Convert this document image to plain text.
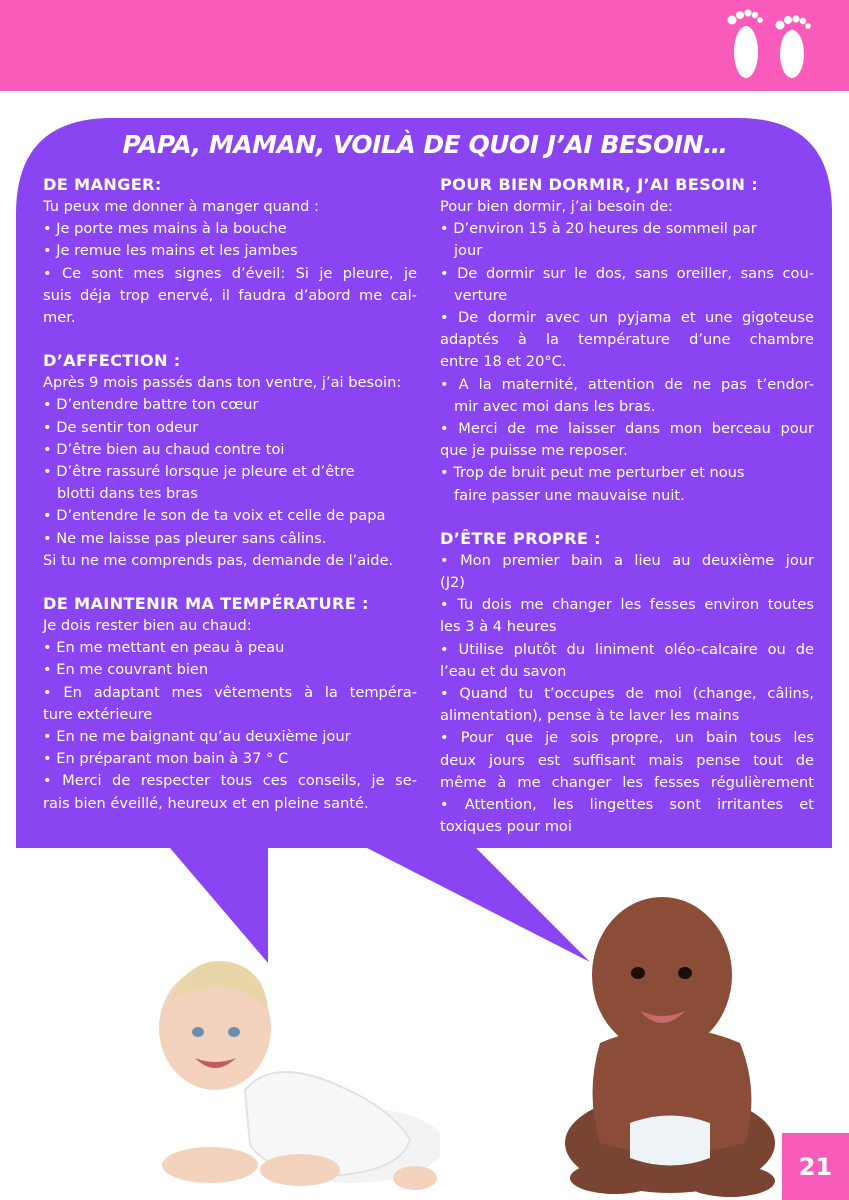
PAPA, MAMAN, VOILÀ DE QUOI J’AI BESOIN…
DE MANGER:
Tu peux me donner à manger quand :
• Je porte mes mains à la bouche
• Je remue les mains et les jambes
• Ce sont mes signes d’éveil: Si je pleure, je
suis déja trop enervé, il faudra d’abord me cal-
mer.
D’AFFECTION :
Après 9 mois passés dans ton ventre, j’ai besoin:
• D’entendre battre ton cœur
• De sentir ton odeur
• D’être bien au chaud contre toi
• D’être rassuré lorsque je pleure et d’être
blotti dans tes bras
• D’entendre le son de ta voix et celle de papa
• Ne me laisse pas pleurer sans câlins.
Si tu ne me comprends pas, demande de l’aide.
DE MAINTENIR MA TEMPÉRATURE :
Je dois rester bien au chaud:
• En me mettant en peau à peau
• En me couvrant bien
• En adaptant mes vêtements à la tempéra-
ture extérieure
• En ne me baignant qu’au deuxième jour
• En préparant mon bain à 37 ° C
• Merci de respecter tous ces conseils, je se-
rais bien éveillé, heureux et en pleine santé.
POUR BIEN DORMIR, J’AI BESOIN :
Pour bien dormir, j’ai besoin de:
• D’environ 15 à 20 heures de sommeil par
jour
• De dormir sur le dos, sans oreiller, sans cou-
verture
• De dormir avec un pyjama et une gigoteuse
adaptés à la température d’une chambre
entre 18 et 20°C.
• A la maternité, attention de ne pas t’endor-
mir avec moi dans les bras.
• Merci de me laisser dans mon berceau pour
que je puisse me reposer.
• Trop de bruit peut me perturber et nous
faire passer une mauvaise nuit.
D’ÊTRE PROPRE :
• Mon premier bain a lieu au deuxième jour
(J2)
• Tu dois me changer les fesses environ toutes
les 3 à 4 heures
• Utilise plutôt du liniment oléo-calcaire ou de
l’eau et du savon
• Quand tu t’occupes de moi (change, câlins,
alimentation), pense à te laver les mains
• Pour que je sois propre, un bain tous les
deux jours est suffisant mais pense tout de
même à me changer les fesses régulièrement
• Attention, les lingettes sont irritantes et
toxiques pour moi
21
